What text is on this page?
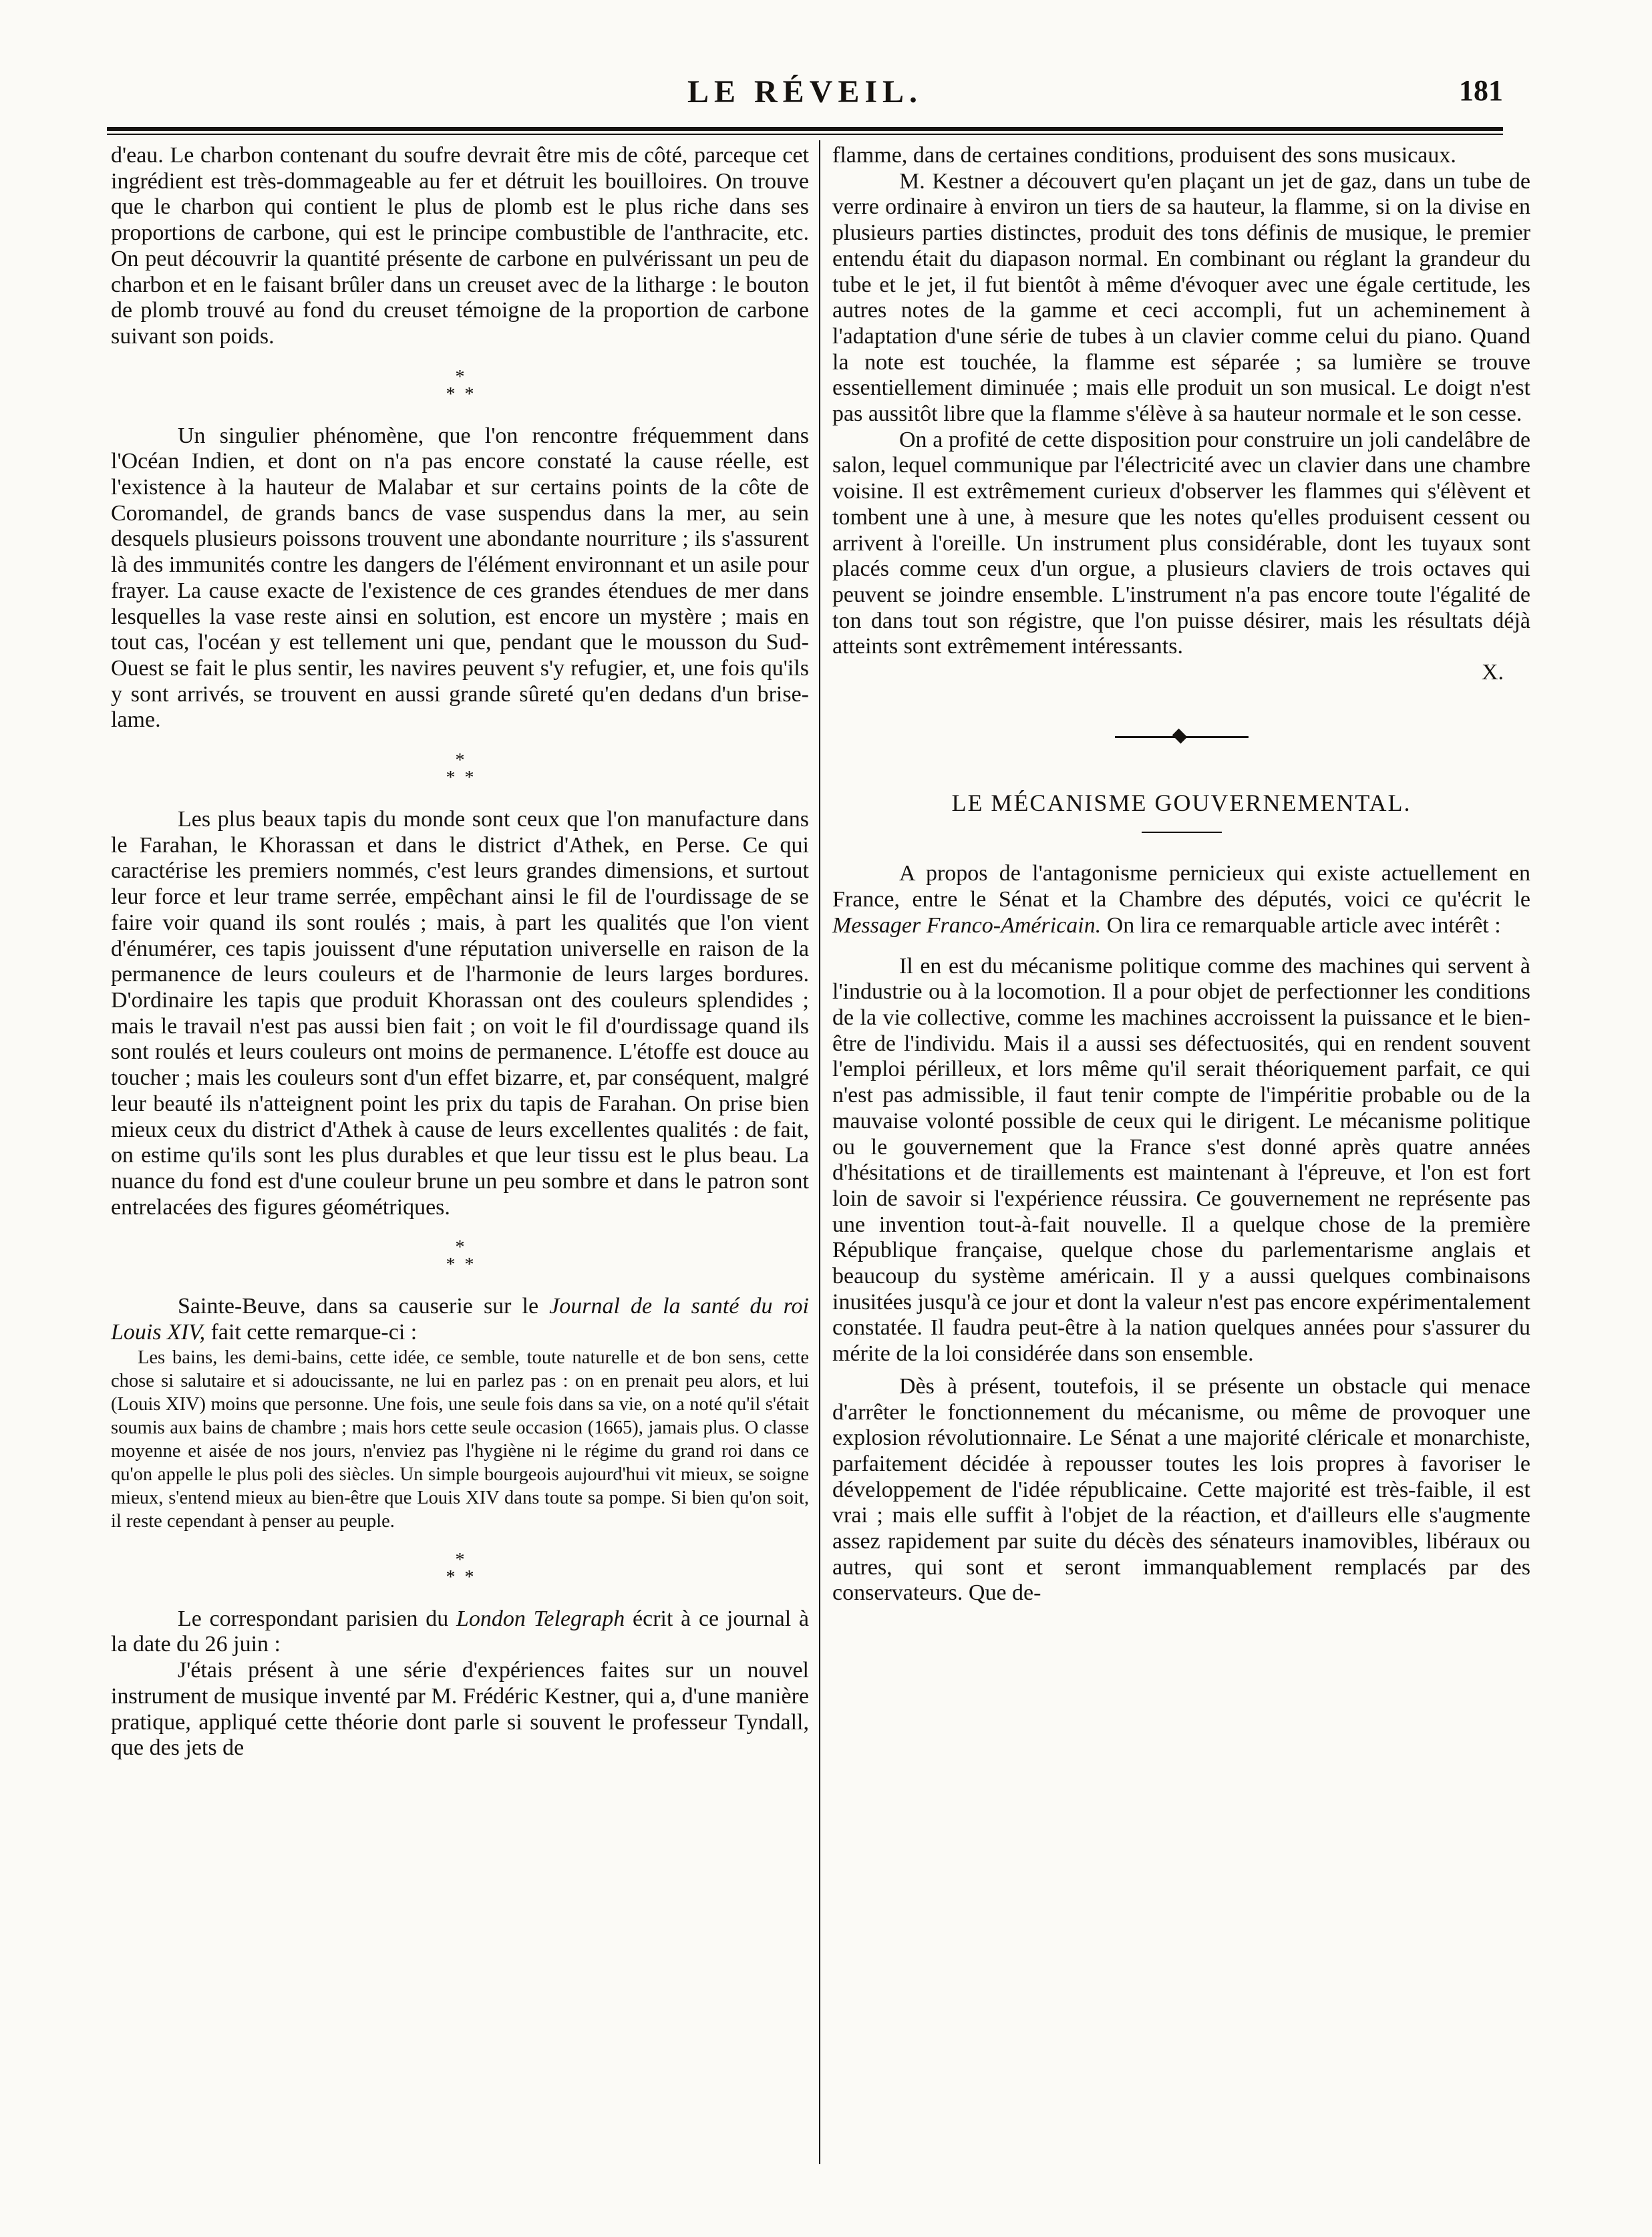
LE RÉVEIL.	181

d'eau. Le charbon contenant du soufre devrait être mis de côté, parceque cet ingrédient est très-dommageable au fer et détruit les bouilloires. On trouve que le charbon qui contient le plus de plomb est le plus riche dans ses proportions de carbone, qui est le principe combustible de l'anthracite, etc. On peut découvrir la quantité présente de carbone en pulvérissant un peu de charbon et en le faisant brûler dans un creuset avec de la litharge : le bouton de plomb trouvé au fond du creuset témoigne de la proportion de carbone suivant son poids.

*
**

Un singulier phénomène, que l'on rencontre fréquemment dans l'Océan Indien, et dont on n'a pas encore constaté la cause réelle, est l'existence à la hauteur de Malabar et sur certains points de la côte de Coromandel, de grands bancs de vase suspendus dans la mer, au sein desquels plusieurs poissons trouvent une abondante nourriture ; ils s'assurent là des immunités contre les dangers de l'élément environnant et un asile pour frayer. La cause exacte de l'existence de ces grandes étendues de mer dans lesquelles la vase reste ainsi en solution, est encore un mystère ; mais en tout cas, l'océan y est tellement uni que, pendant que le mousson du Sud-Ouest se fait le plus sentir, les navires peuvent s'y refugier, et, une fois qu'ils y sont arrivés, se trouvent en aussi grande sûreté qu'en dedans d'un brise-lame.

*
**

Les plus beaux tapis du monde sont ceux que l'on manufacture dans le Farahan, le Khorassan et dans le district d'Athek, en Perse. Ce qui caractérise les premiers nommés, c'est leurs grandes dimensions, et surtout leur force et leur trame serrée, empêchant ainsi le fil de l'ourdissage de se faire voir quand ils sont roulés ; mais, à part les qualités que l'on vient d'énumérer, ces tapis jouissent d'une réputation universelle en raison de la permanence de leurs couleurs et de l'harmonie de leurs larges bordures. D'ordinaire les tapis que produit Khorassan ont des couleurs splendides ; mais le travail n'est pas aussi bien fait ; on voit le fil d'ourdissage quand ils sont roulés et leurs couleurs ont moins de permanence. L'étoffe est douce au toucher ; mais les couleurs sont d'un effet bizarre, et, par conséquent, malgré leur beauté ils n'atteignent point les prix du tapis de Farahan. On prise bien mieux ceux du district d'Athek à cause de leurs excellentes qualités : de fait, on estime qu'ils sont les plus durables et que leur tissu est le plus beau. La nuance du fond est d'une couleur brune un peu sombre et dans le patron sont entrelacées des figures géométriques.

*
**

Sainte-Beuve, dans sa causerie sur le Journal de la santé du roi Louis XIV, fait cette remarque-ci :

Les bains, les demi-bains, cette idée, ce semble, toute naturelle et de bon sens, cette chose si salutaire et si adoucissante, ne lui en parlez pas : on en prenait peu alors, et lui (Louis XIV) moins que personne. Une fois, une seule fois dans sa vie, on a noté qu'il s'était soumis aux bains de chambre ; mais hors cette seule occasion (1665), jamais plus. O classe moyenne et aisée de nos jours, n'enviez pas l'hygiène ni le régime du grand roi dans ce qu'on appelle le plus poli des siècles. Un simple bourgeois aujourd'hui vit mieux, se soigne mieux, s'entend mieux au bien-être que Louis XIV dans toute sa pompe. Si bien qu'on soit, il reste cependant à penser au peuple.

*
**

Le correspondant parisien du London Telegraph écrit à ce journal à la date du 26 juin :

J'étais présent à une série d'expériences faites sur un nouvel instrument de musique inventé par M. Frédéric Kestner, qui a, d'une manière pratique, appliqué cette théorie dont parle si souvent le professeur Tyndall, que des jets de

flamme, dans de certaines conditions, produisent des sons musicaux.

M. Kestner a découvert qu'en plaçant un jet de gaz, dans un tube de verre ordinaire à environ un tiers de sa hauteur, la flamme, si on la divise en plusieurs parties distinctes, produit des tons définis de musique, le premier entendu était du diapason normal. En combinant ou réglant la grandeur du tube et le jet, il fut bientôt à même d'évoquer avec une égale certitude, les autres notes de la gamme et ceci accompli, fut un acheminement à l'adaptation d'une série de tubes à un clavier comme celui du piano. Quand la note est touchée, la flamme est séparée ; sa lumière se trouve essentiellement diminuée ; mais elle produit un son musical. Le doigt n'est pas aussitôt libre que la flamme s'élève à sa hauteur normale et le son cesse.

On a profité de cette disposition pour construire un joli candelâbre de salon, lequel communique par l'électricité avec un clavier dans une chambre voisine. Il est extrêmement curieux d'observer les flammes qui s'élèvent et tombent une à une, à mesure que les notes qu'elles produisent cessent ou arrivent à l'oreille. Un instrument plus considérable, dont les tuyaux sont placés comme ceux d'un orgue, a plusieurs claviers de trois octaves qui peuvent se joindre ensemble. L'instrument n'a pas encore toute l'égalité de ton dans tout son régistre, que l'on puisse désirer, mais les résultats déjà atteints sont extrêmement intéressants.

X.

LE MÉCANISME GOUVERNEMENTAL.

A propos de l'antagonisme pernicieux qui existe actuellement en France, entre le Sénat et la Chambre des députés, voici ce qu'écrit le Messager Franco-Américain. On lira ce remarquable article avec intérêt :

Il en est du mécanisme politique comme des machines qui servent à l'industrie ou à la locomotion. Il a pour objet de perfectionner les conditions de la vie collective, comme les machines accroissent la puissance et le bien-être de l'individu. Mais il a aussi ses défectuosités, qui en rendent souvent l'emploi périlleux, et lors même qu'il serait théoriquement parfait, ce qui n'est pas admissible, il faut tenir compte de l'impéritie probable ou de la mauvaise volonté possible de ceux qui le dirigent. Le mécanisme politique ou le gouvernement que la France s'est donné après quatre années d'hésitations et de tiraillements est maintenant à l'épreuve, et l'on est fort loin de savoir si l'expérience réussira. Ce gouvernement ne représente pas une invention tout-à-fait nouvelle. Il a quelque chose de la première République française, quelque chose du parlementarisme anglais et beaucoup du système américain. Il y a aussi quelques combinaisons inusitées jusqu'à ce jour et dont la valeur n'est pas encore expérimentalement constatée. Il faudra peut-être à la nation quelques années pour s'assurer du mérite de la loi considérée dans son ensemble.

Dès à présent, toutefois, il se présente un obstacle qui menace d'arrêter le fonctionnement du mécanisme, ou même de provoquer une explosion révolutionnaire. Le Sénat a une majorité cléricale et monarchiste, parfaitement décidée à repousser toutes les lois propres à favoriser le développement de l'idée républicaine. Cette majorité est très-faible, il est vrai ; mais elle suffit à l'objet de la réaction, et d'ailleurs elle s'augmente assez rapidement par suite du décès des sénateurs inamovibles, libéraux ou autres, qui sont et seront immanquablement remplacés par des conservateurs. Que de-
